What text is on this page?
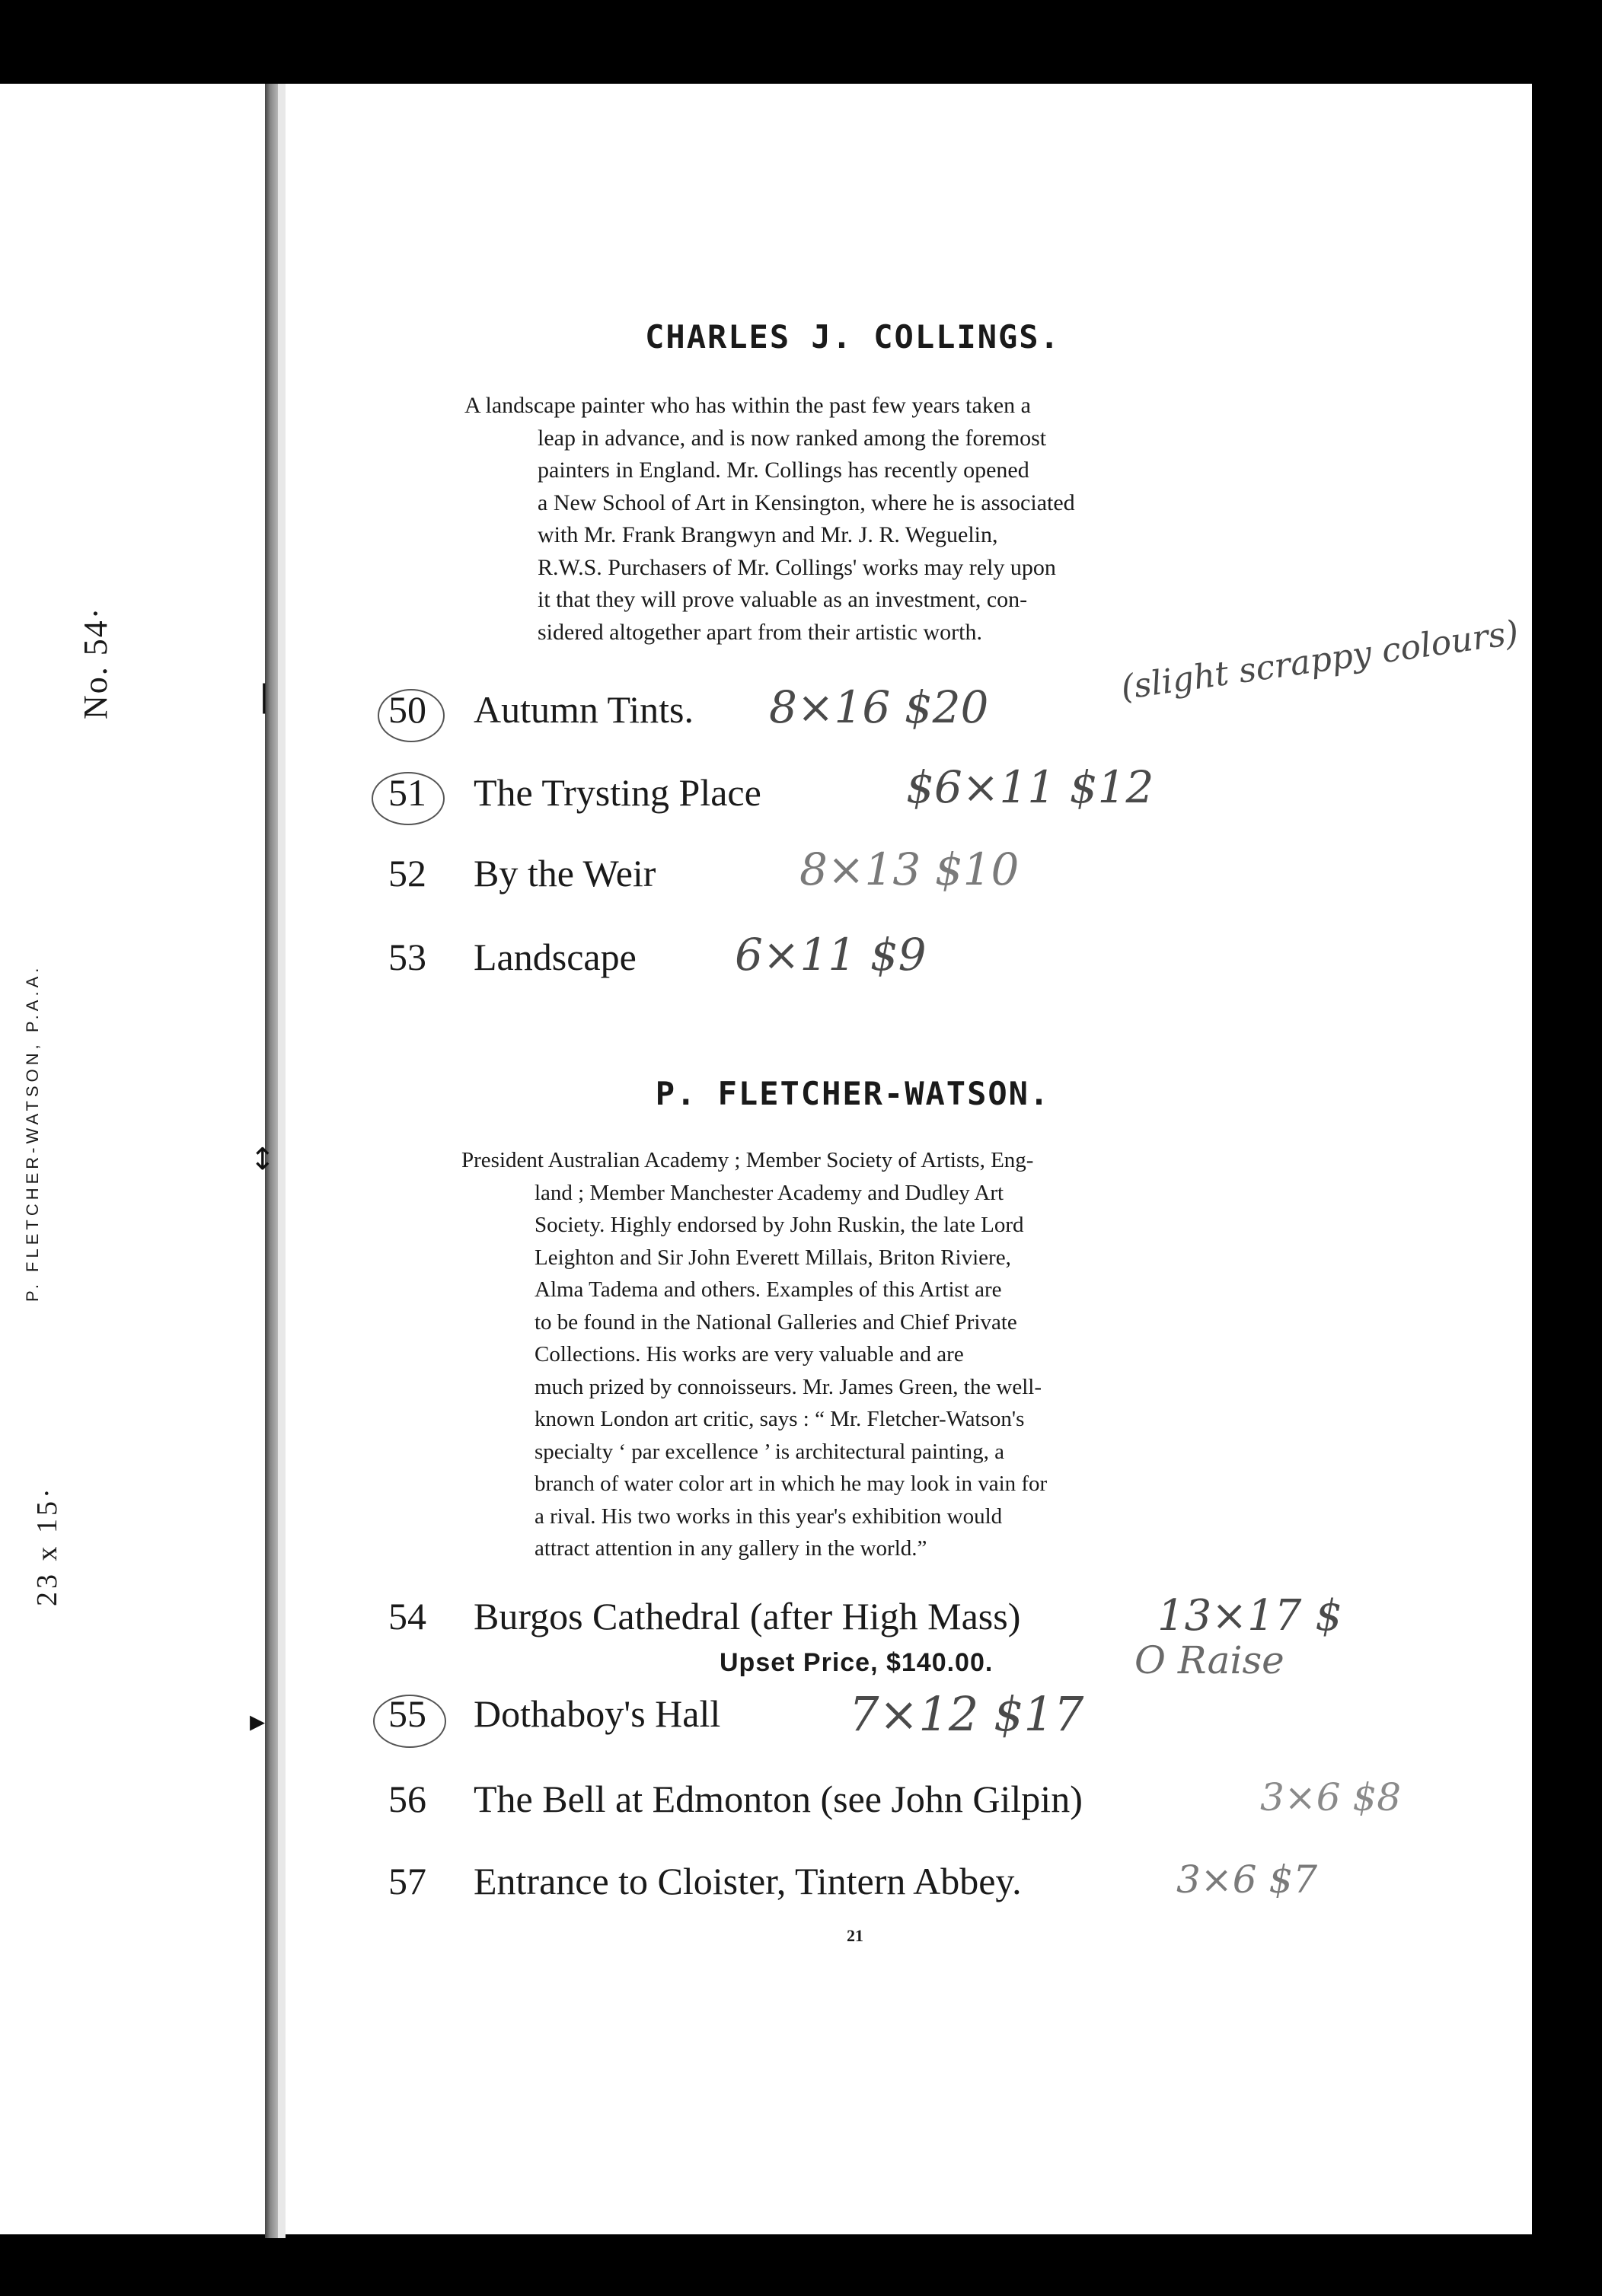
❘
↕
▸
No. 54·
P. FLETCHER-WATSON, P.A.A.
23 x 15·
CHARLES J. COLLINGS.

A landscape painter who has within the past few years taken a

leap in advance, and is now ranked among the foremost
painters in England. Mr. Collings has recently opened
a New School of Art in Kensington, where he is associated
with Mr. Frank Brangwyn and Mr. J. R. Weguelin,
R.W.S. Purchasers of Mr. Collings' works may rely upon
it that they will prove valuable as an investment, con-
sidered altogether apart from their artistic worth.	(slight scrappy colours)
50 Autumn Tints. 8×16 $20
51 The Trysting Place	$6×11 $12
52 By the Weir	8×13 $10
53 Landscape 6×11 $9
P. FLETCHER-WATSON.

President Australian Academy ; Member Society of Artists, Eng-

land ; Member Manchester Academy and Dudley Art
Society. Highly endorsed by John Ruskin, the late Lord
Leighton and Sir John Everett Millais, Briton Riviere,
Alma Tadema and others. Examples of this Artist are
to be found in the National Galleries and Chief Private
Collections. His works are very valuable and are
much prized by connoisseurs. Mr. James Green, the well-
known London art critic, says : “ Mr. Fletcher-Watson's
specialty ‘ par excellence ’ is architectural painting, a
branch of water color art in which he may look in vain for
a rival. His two works in this year's exhibition would
attract attention in any gallery in the world.”
54 Burgos Cathedral (after High Mass)	13×17 $
Upset Price, $140.00.	O Raise
55 Dothaboy's Hall	7×12 $17
56 The Bell at Edmonton (see John Gilpin)	3×6 $8
57 Entrance to Cloister, Tintern Abbey.	3×6 $7
21
